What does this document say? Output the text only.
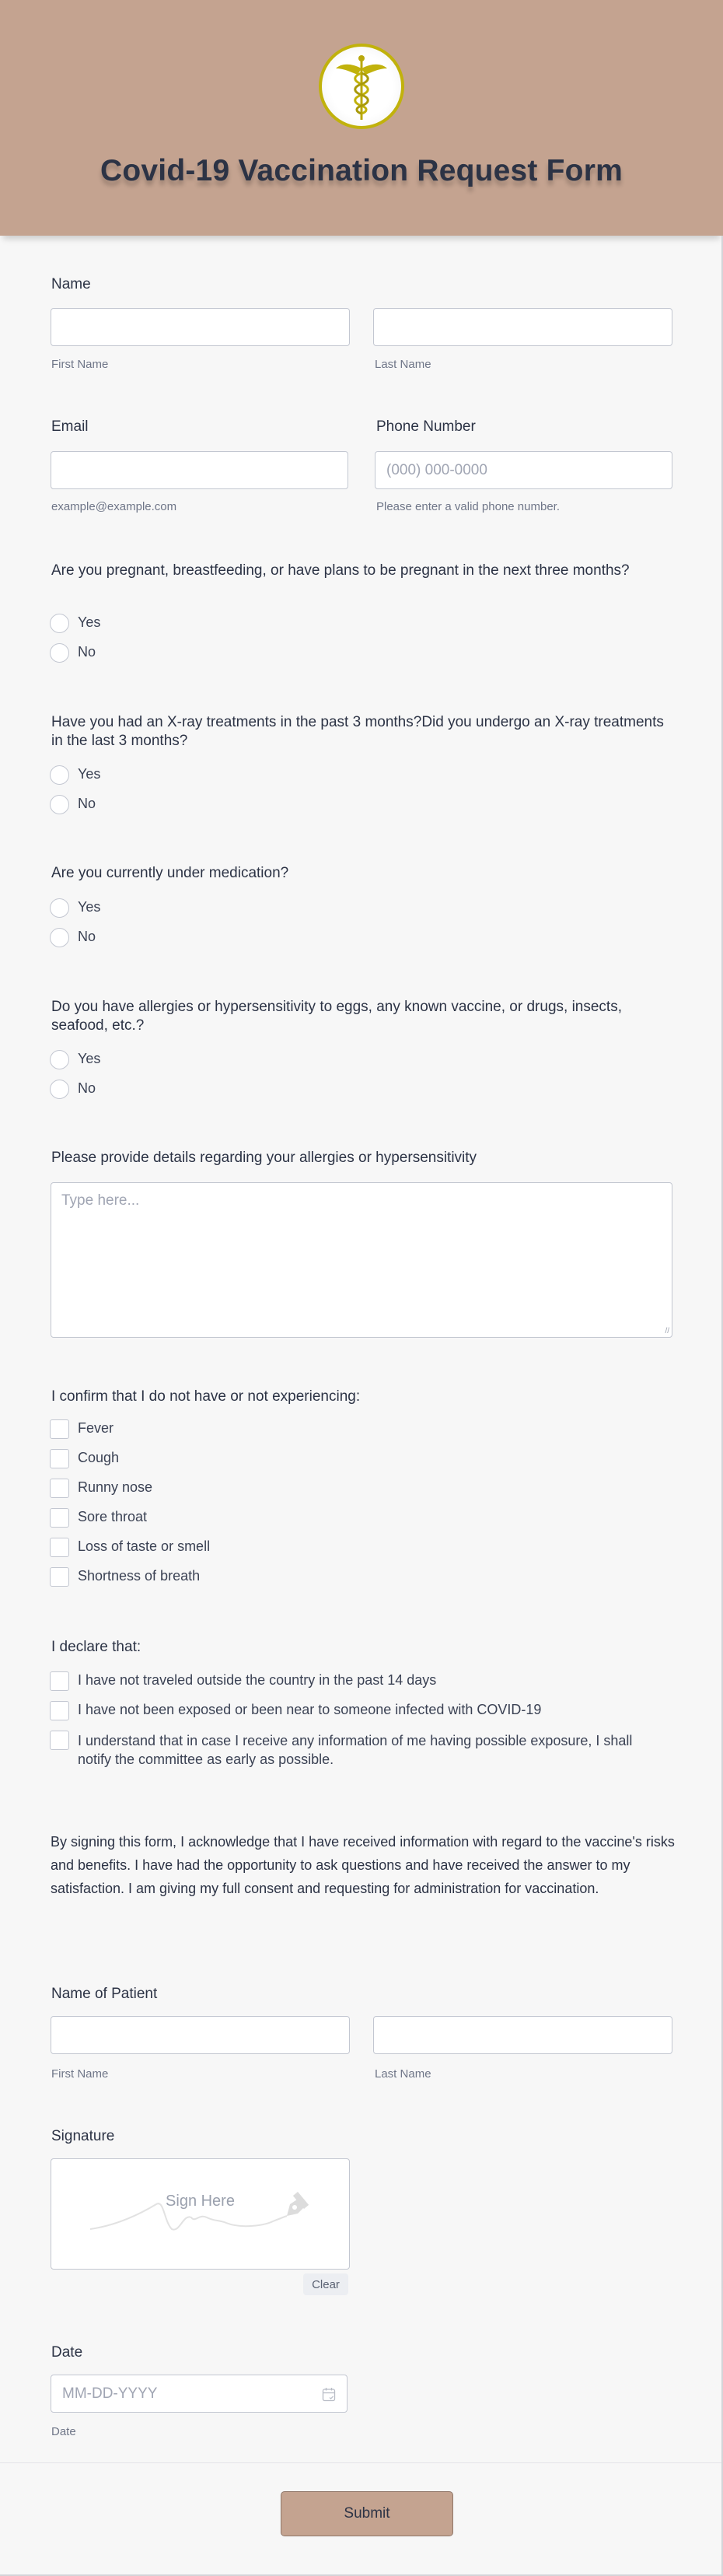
Covid-19 Vaccination Request Form
Name
First Name	Last Name
Email
example@example.com
Phone Number
(000) 000-0000
Please enter a valid phone number.
Are you pregnant, breastfeeding, or have plans to be pregnant in the next three months?
Yes
No
Have you had an X-ray treatments in the past 3 months?Did you undergo an X-ray treatments in the last 3 months?
Yes
No
Are you currently under medication?
Yes
No
Do you have allergies or hypersensitivity to eggs, any known vaccine, or drugs, insects, seafood, etc.?
Yes
No
Please provide details regarding your allergies or hypersensitivity
Type here...
//
I confirm that I do not have or not experiencing:
Fever
Cough
Runny nose
Sore throat
Loss of taste or smell
Shortness of breath
I declare that:
I have not traveled outside the country in the past 14 days
I have not been exposed or been near to someone infected with COVID-19
I understand that in case I receive any information of me having possible exposure, I shall notify the committee as early as possible.
By signing this form, I acknowledge that I have received information with regard to the vaccine's risks and benefits. I have had the opportunity to ask questions and have received the answer to my satisfaction. I am giving my full consent and requesting for administration for vaccination.
Name of Patient
First Name	Last Name
Signature
Sign Here
Clear
Date
MM-DD-YYYY
Date
Submit
